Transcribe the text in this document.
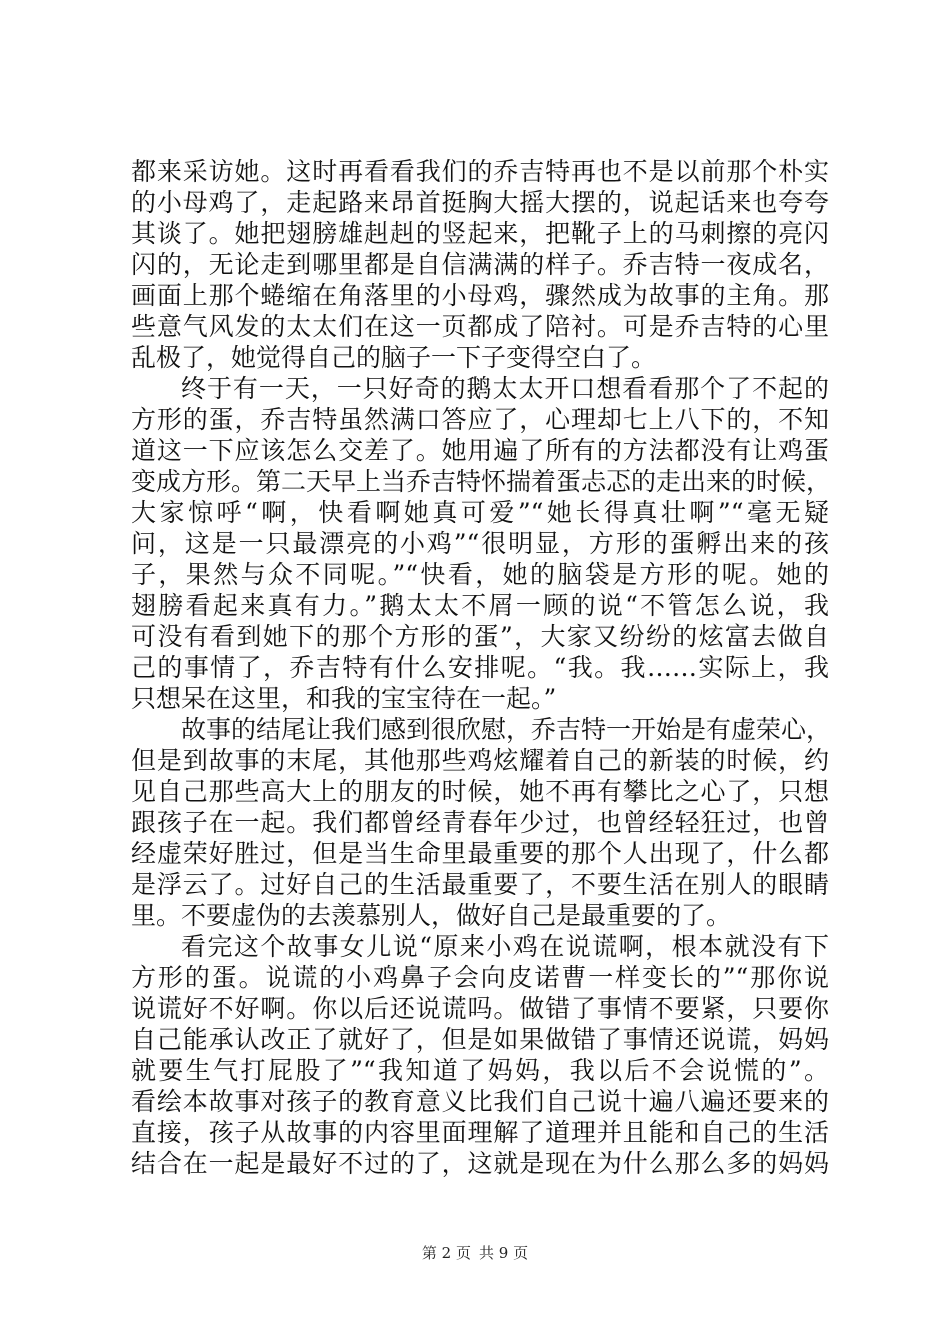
都来采访她。这时再看看我们的乔吉特再也不是以前那个朴实
的小母鸡了，走起路来昂首挺胸大摇大摆的，说起话来也夸夸
其谈了。她把翅膀雄赳赳的竖起来，把靴子上的马刺擦的亮闪
闪的，无论走到哪里都是自信满满的样子。乔吉特一夜成名，
画面上那个蜷缩在角落里的小母鸡，骤然成为故事的主角。那
些意气风发的太太们在这一页都成了陪衬。可是乔吉特的心里
乱极了，她觉得自己的脑子一下子变得空白了。
终于有一天，一只好奇的鹅太太开口想看看那个了不起的
方形的蛋，乔吉特虽然满口答应了，心理却七上八下的，不知
道这一下应该怎么交差了。她用遍了所有的方法都没有让鸡蛋
变成方形。第二天早上当乔吉特怀揣着蛋忐忑的走出来的时候，
大家惊呼“啊，快看啊她真可爱”“她长得真壮啊”“毫无疑
问，这是一只最漂亮的小鸡”“很明显，方形的蛋孵出来的孩
子，果然与众不同呢。”“快看，她的脑袋是方形的呢。她的
翅膀看起来真有力。”鹅太太不屑一顾的说“不管怎么说，我
可没有看到她下的那个方形的蛋”，大家又纷纷的炫富去做自
己的事情了，乔吉特有什么安排呢。“我。我……实际上，我
只想呆在这里，和我的宝宝待在一起。”
故事的结尾让我们感到很欣慰，乔吉特一开始是有虚荣心，
但是到故事的末尾，其他那些鸡炫耀着自己的新装的时候，约
见自己那些高大上的朋友的时候，她不再有攀比之心了，只想
跟孩子在一起。我们都曾经青春年少过，也曾经轻狂过，也曾
经虚荣好胜过，但是当生命里最重要的那个人出现了，什么都
是浮云了。过好自己的生活最重要了，不要生活在别人的眼睛
里。不要虚伪的去羡慕别人，做好自己是最重要的了。
看完这个故事女儿说“原来小鸡在说谎啊，根本就没有下
方形的蛋。说谎的小鸡鼻子会向皮诺曹一样变长的”“那你说
说谎好不好啊。你以后还说谎吗。做错了事情不要紧，只要你
自己能承认改正了就好了，但是如果做错了事情还说谎，妈妈
就要生气打屁股了”“我知道了妈妈，我以后不会说慌的”。
看绘本故事对孩子的教育意义比我们自己说十遍八遍还要来的
直接，孩子从故事的内容里面理解了道理并且能和自己的生活
结合在一起是最好不过的了，这就是现在为什么那么多的妈妈
第 2 页 共 9 页
